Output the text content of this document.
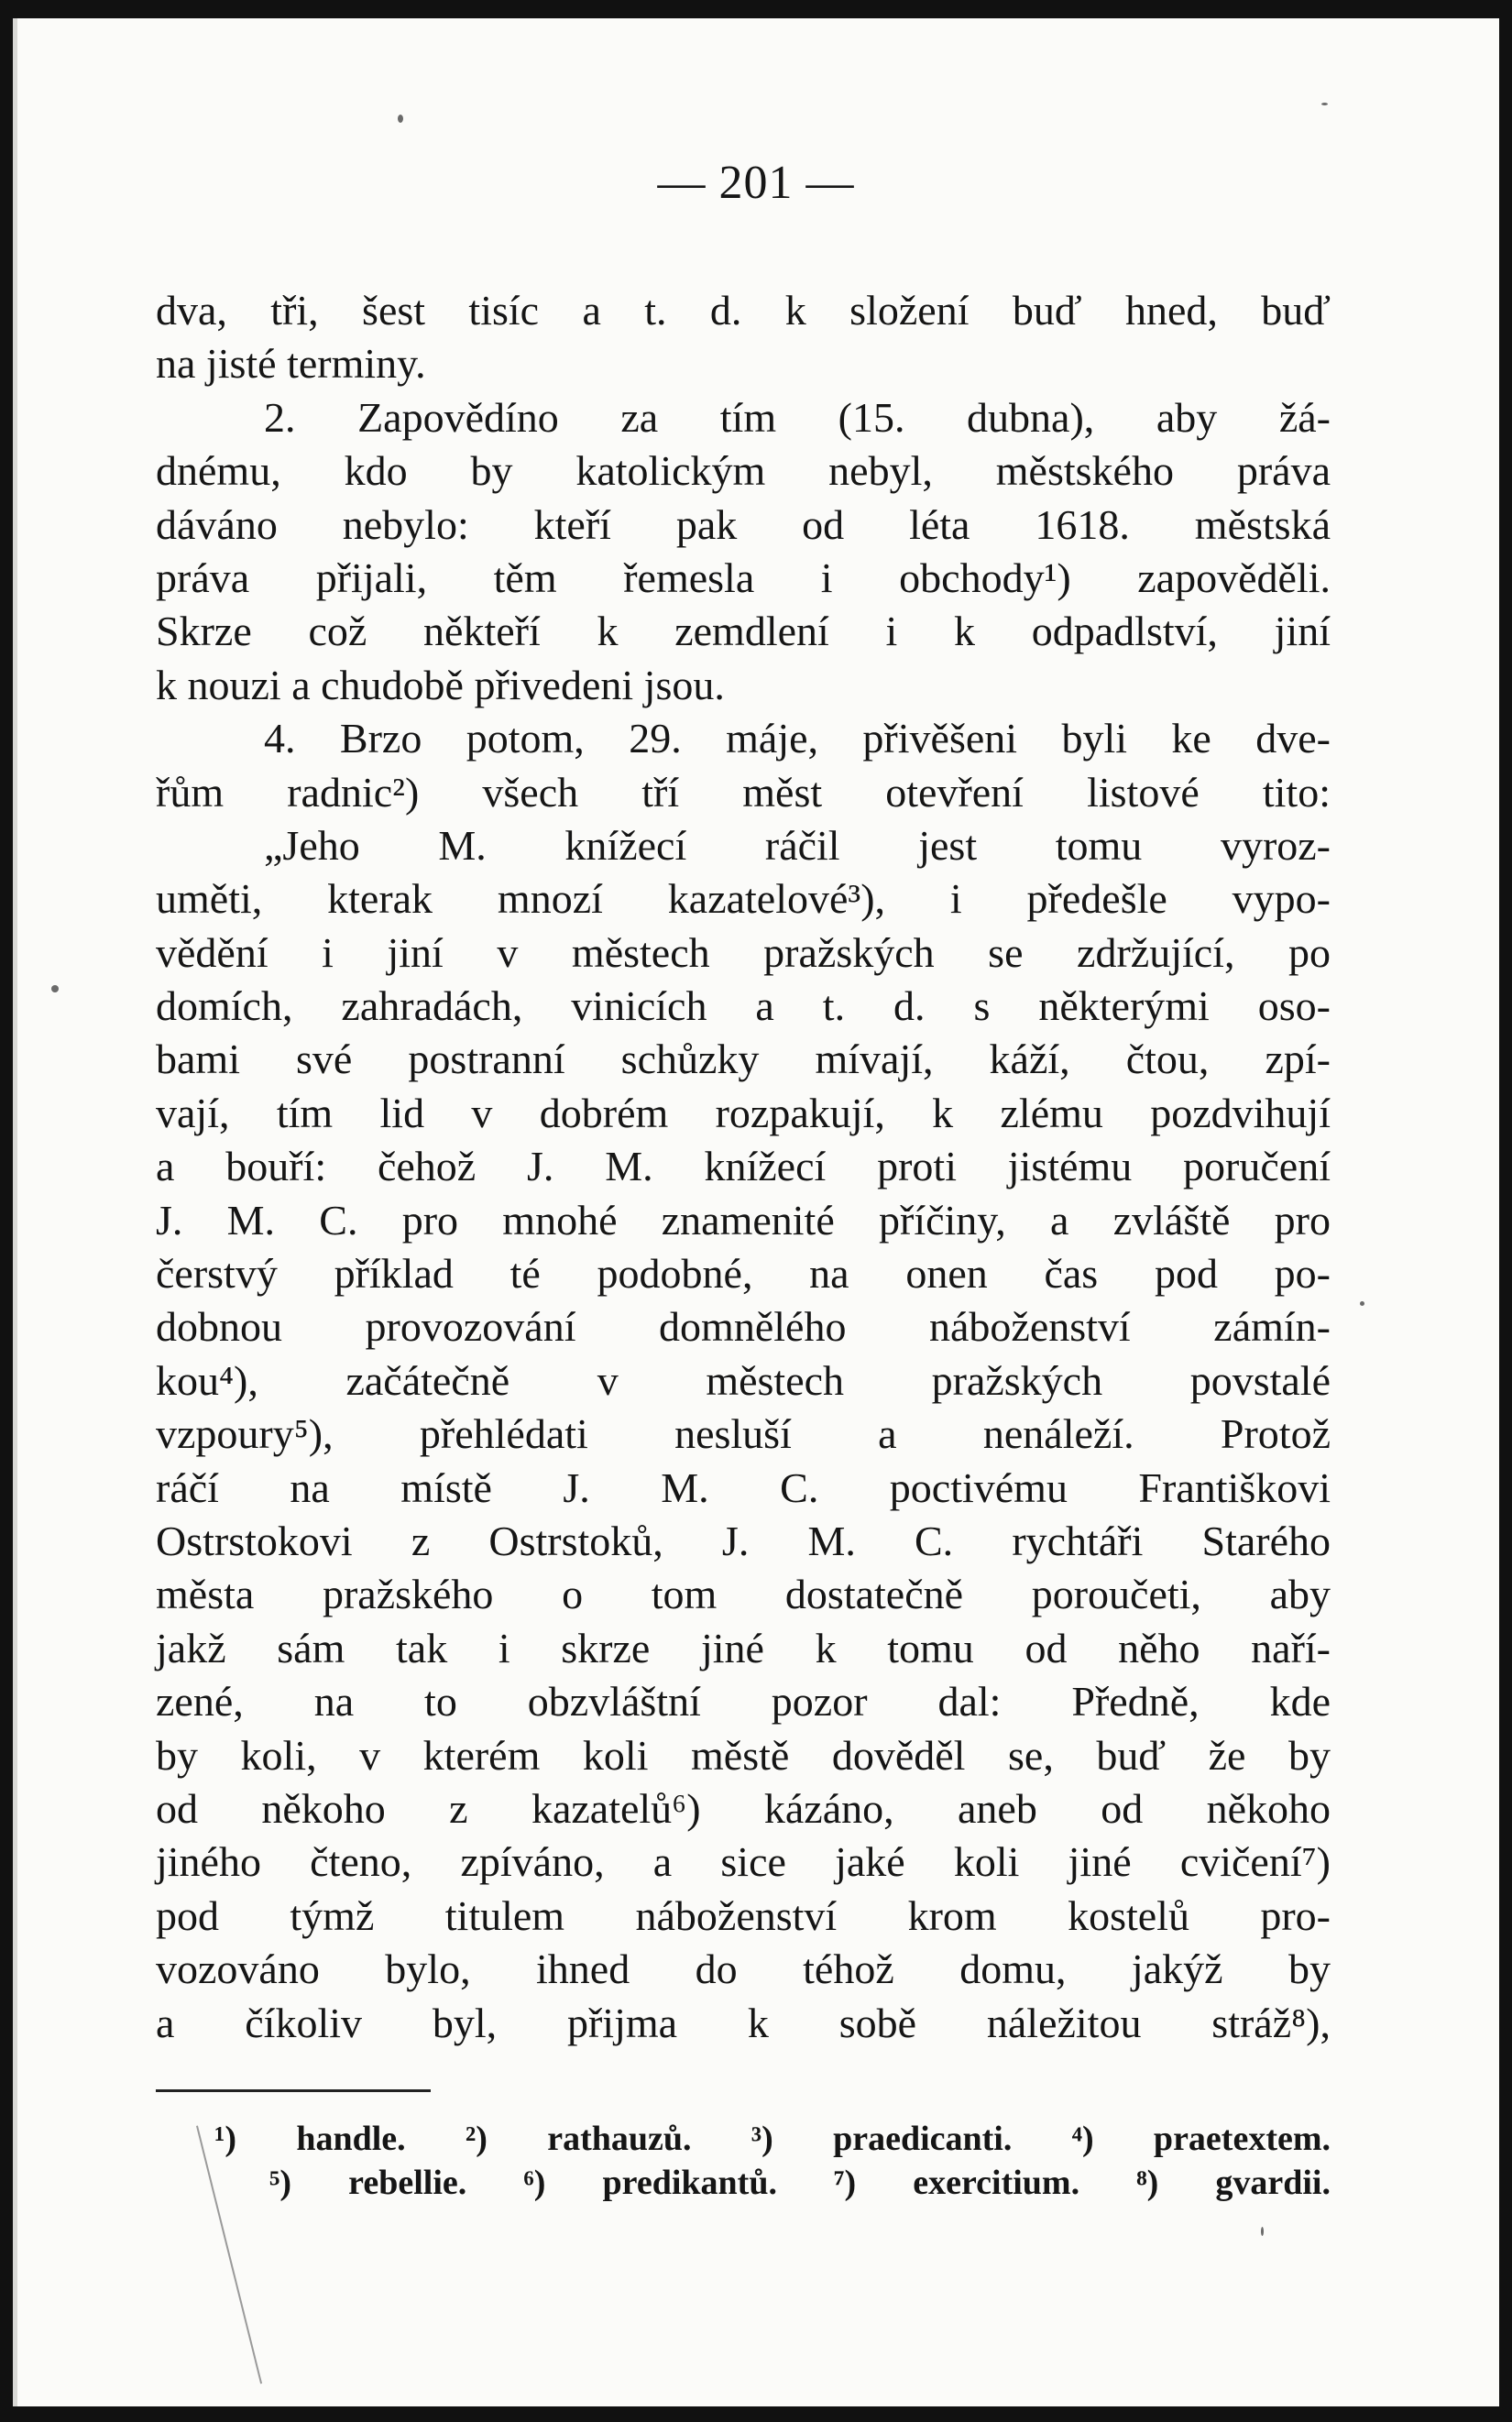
— 201 —
dva, tři, šest tisíc a t. d. k složení buď hned, buď
na jisté terminy.
2. Zapovědíno za tím (15. dubna), aby žá-
dnému, kdo by katolickým nebyl, městského práva
dáváno nebylo: kteří pak od léta 1618. městská
práva přijali, těm řemesla i obchody¹) zapověděli.
Skrze což někteří k zemdlení i k odpadlství, jiní
k nouzi a chudobě přivedeni jsou.
4. Brzo potom, 29. máje, přivěšeni byli ke dve-
řům radnic²) všech tří měst otevření listové tito:
„Jeho M. knížecí ráčil jest tomu vyroz-
uměti, kterak mnozí kazatelové³), i předešle vypo-
vědění i jiní v městech pražských se zdržující, po
domích, zahradách, vinicích a t. d. s některými oso-
bami své postranní schůzky mívají, káží, čtou, zpí-
vají, tím lid v dobrém rozpakují, k zlému pozdvihují
a bouří: čehož J. M. knížecí proti jistému poručení
J. M. C. pro mnohé znamenité příčiny, a zvláště pro
čerstvý příklad té podobné, na onen čas pod po-
dobnou provozování domnělého náboženství zámín-
kou⁴), začátečně v městech pražských povstalé
vzpoury⁵), přehlédati nesluší a nenáleží. Protož
ráčí na místě J. M. C. poctivému Františkovi
Ostrstokovi z Ostrstoků, J. M. C. rychtáři Starého
města pražského o tom dostatečně poroučeti, aby
jakž sám tak i skrze jiné k tomu od něho naří-
zené, na to obzvláštní pozor dal: Předně, kde
by koli, v kterém koli městě dověděl se, buď že by
od někoho z kazatelů⁶) kázáno, aneb od někoho
jiného čteno, zpíváno, a sice jaké koli jiné cvičení⁷)
pod týmž titulem náboženství krom kostelů pro-
vozováno bylo, ihned do téhož domu, jakýž by
a číkoliv byl, přijma k sobě náležitou stráž⁸),
¹) handle. ²) rathauzů. ³) praedicanti. ⁴) praetextem.
⁵) rebellie. ⁶) predikantů. ⁷) exercitium. ⁸) gvardii.
